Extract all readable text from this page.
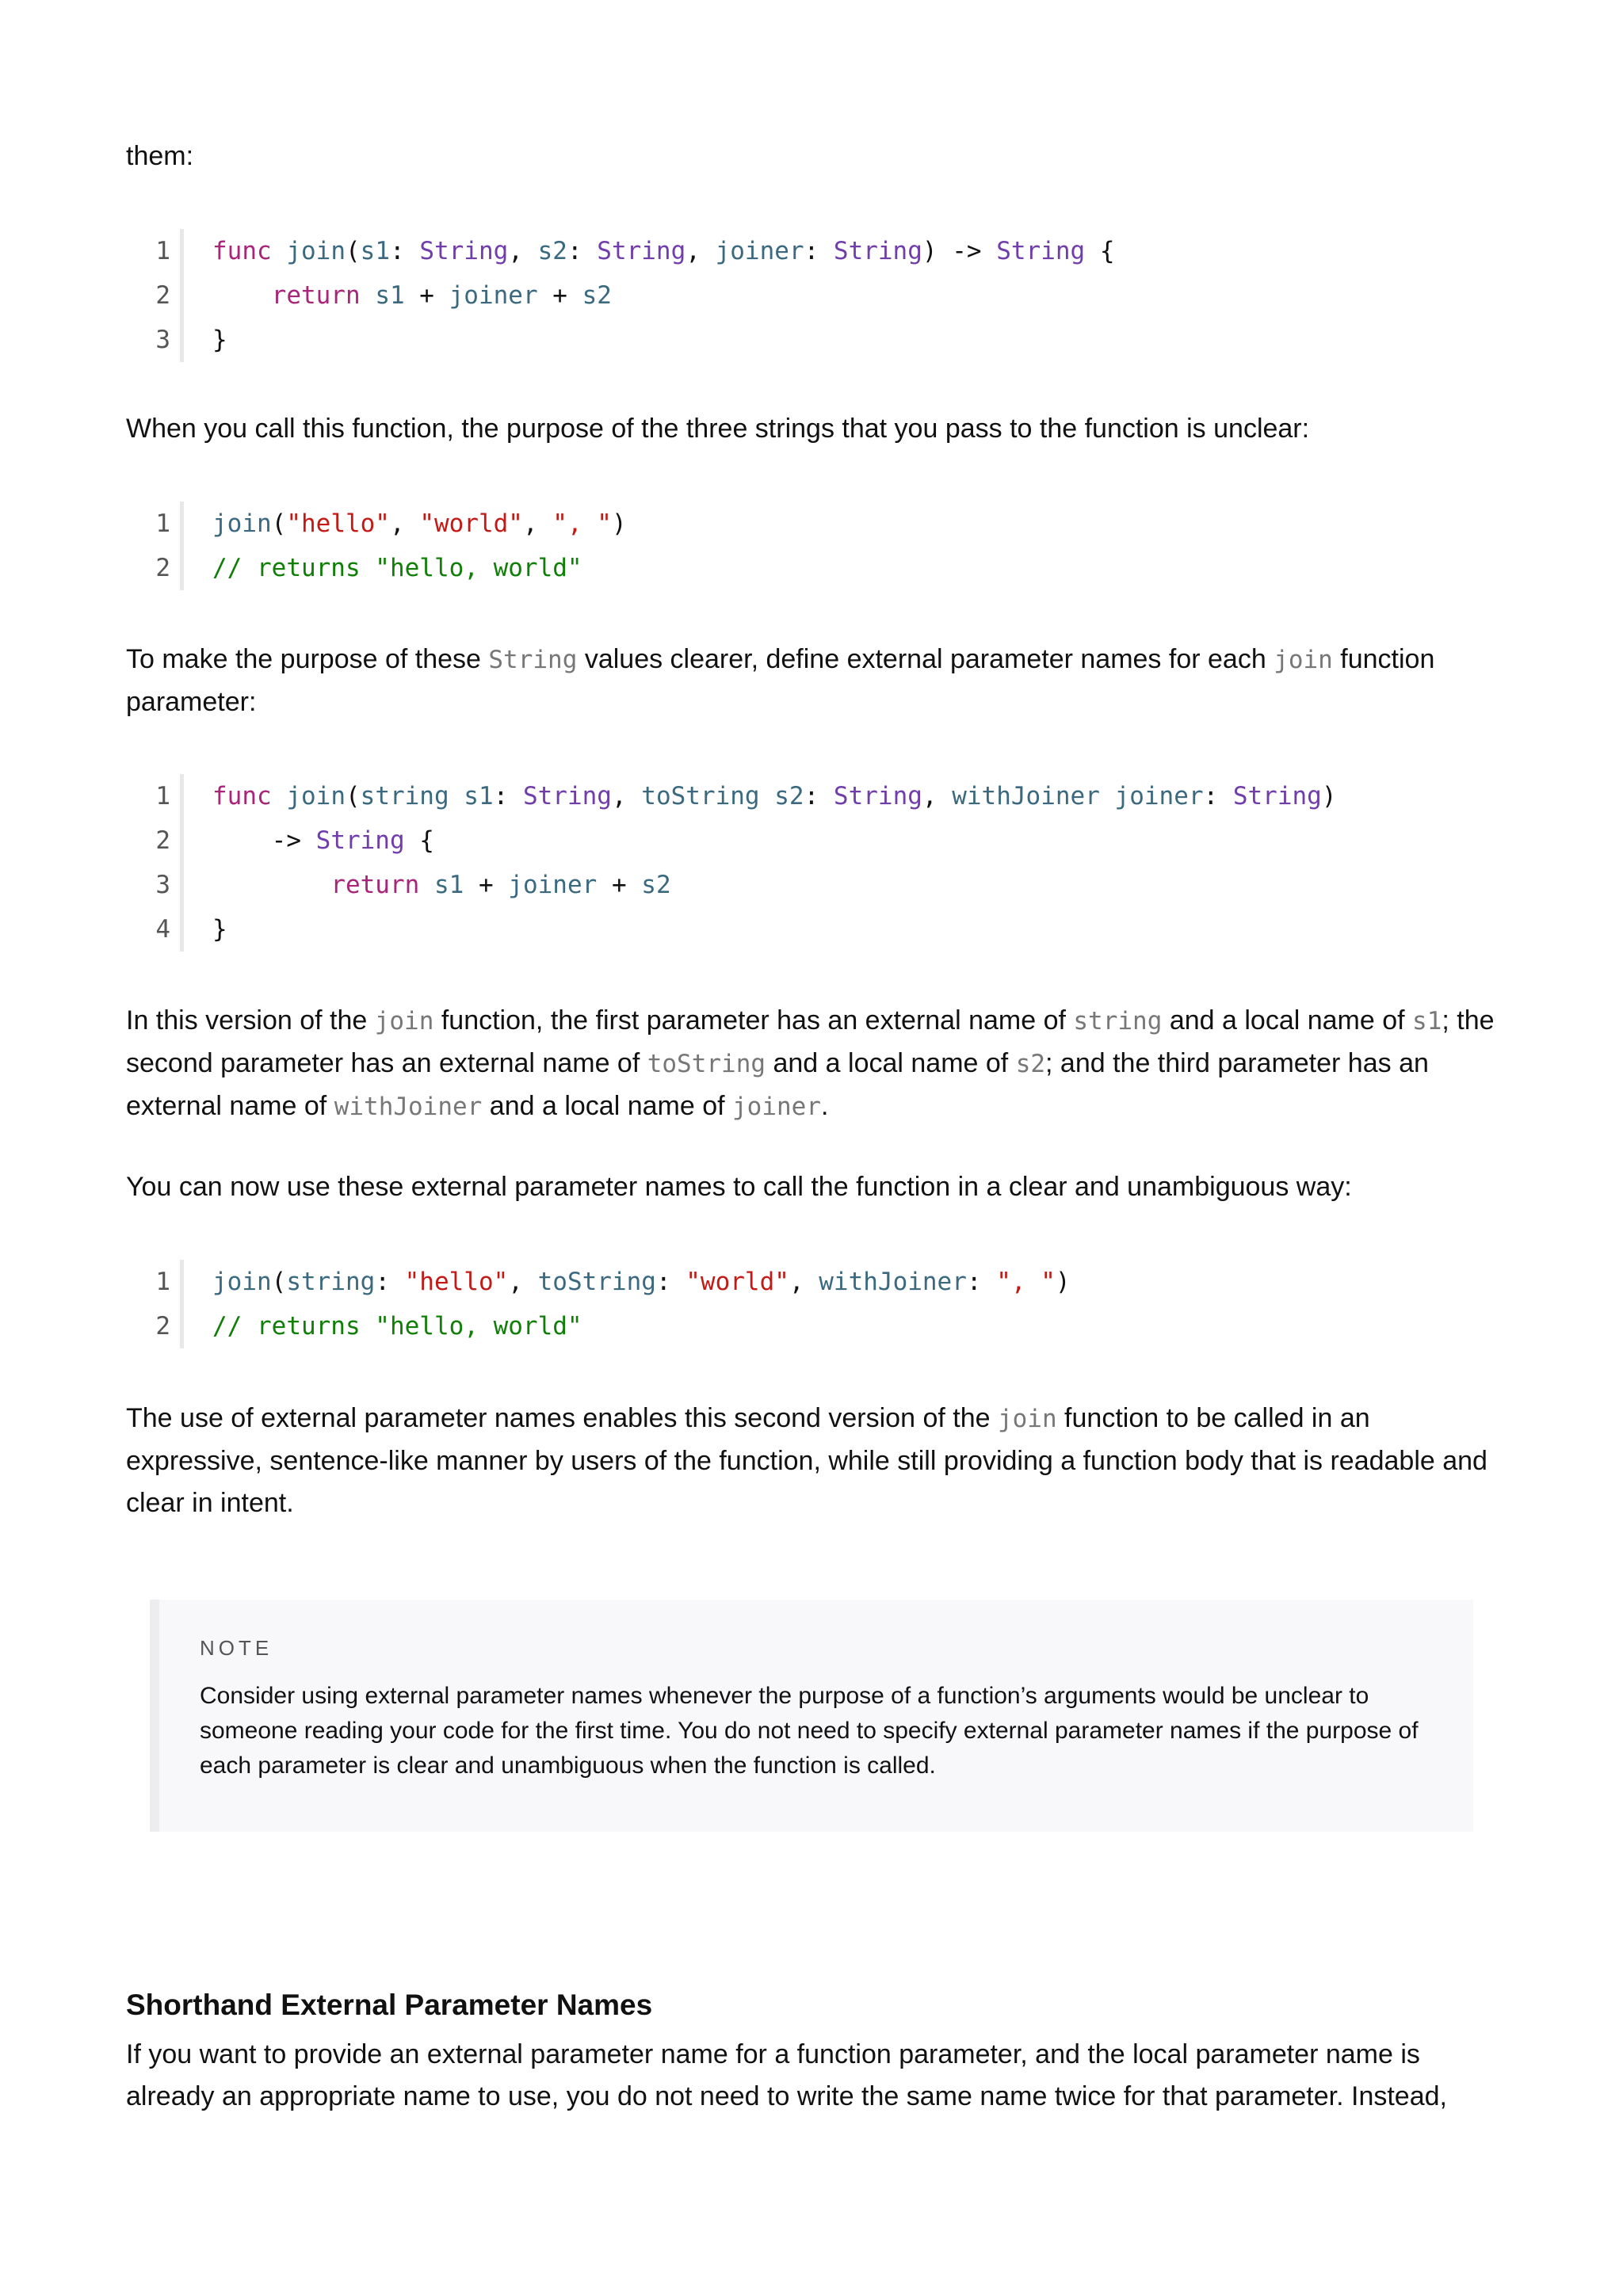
them:

1 func join(s1: String, s2: String, joiner: String) -> String {
2	return s1 + joiner + s2
3 }

When you call this function, the purpose of the three strings that you pass to the function is unclear:

1 join("hello", "world", ", ")
2 // returns "hello, world"

To make the purpose of these String values clearer, define external parameter names for each join function parameter:

1 func join(string s1: String, toString s2: String, withJoiner joiner: String)
2 -> String {
3	return s1 + joiner + s2
4 }

In this version of the join function, the first parameter has an external name of string and a local name of s1; the second parameter has an external name of toString and a local name of s2; and the third parameter has an external name of withJoiner and a local name of joiner.

You can now use these external parameter names to call the function in a clear and unambiguous way:

1 join(string: "hello", toString: "world", withJoiner: ", ")
2 // returns "hello, world"

The use of external parameter names enables this second version of the join function to be called in an expressive, sentence-like manner by users of the function, while still providing a function body that is readable and clear in intent.

NOTE
Consider using external parameter names whenever the purpose of a function’s arguments would be unclear to someone reading your code for the first time. You do not need to specify external parameter names if the purpose of each parameter is clear and unambiguous when the function is called.
Shorthand External Parameter Names

If you want to provide an external parameter name for a function parameter, and the local parameter name is already an appropriate name to use, you do not need to write the same name twice for that parameter. Instead,
